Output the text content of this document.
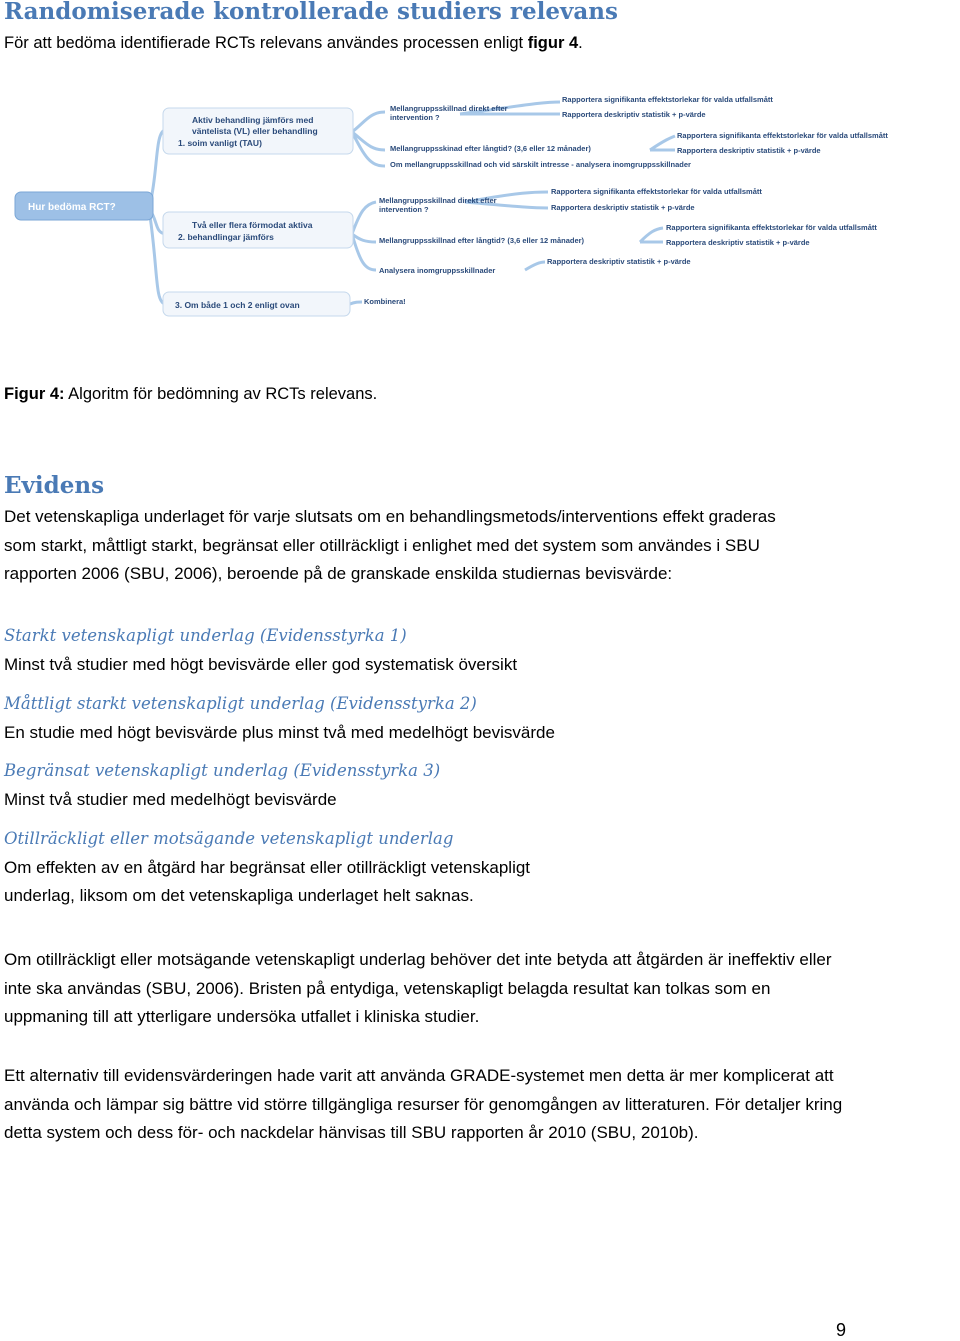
Randomiserade kontrollerade studiers relevans
För att bedöma identifierade RCTs relevans användes processen enligt figur 4.
Hur bedöma RCT?
Aktiv behandling jämförs med
väntelista (VL) eller behandling
1. soim vanligt (TAU)
Mellangruppsskillnad direkt efter
intervention ?
Rapportera signifikanta effektstorlekar för valda utfallsmått
Rapportera deskriptiv statistik + p-värde
Mellangruppsskinad efter långtid? (3,6 eller 12 månader)
Rapportera signifikanta effektstorlekar för valda utfallsmått
Rapportera deskriptiv statistik + p-värde
Om mellangruppsskillnad och vid särskilt intresse - analysera inomgruppsskillnader
Två eller flera förmodat aktiva
2. behandlingar jämförs
Mellangruppsskillnad direkt efter
intervention ?
Rapportera signifikanta effektstorlekar för valda utfallsmått
Rapportera deskriptiv statistik + p-värde
Mellangruppsskillnad efter långtid? (3,6 eller 12 månader)
Rapportera signifikanta effektstorlekar för valda utfallsmått
Rapportera deskriptiv statistik + p-värde
Analysera inomgruppsskillnader
Rapportera deskriptiv statistik + p-värde
3. Om både 1 och 2 enligt ovan	Kombinera!
Figur 4: Algoritm för bedömning av RCTs relevans.
Evidens

Det vetenskapliga underlaget för varje slutsats om en behandlingsmetods/interventions effekt graderas som starkt, måttligt starkt, begränsat eller otillräckligt i enlighet med det system som användes i SBU rapporten 2006 (SBU, 2006), beroende på de granskade enskilda studiernas bevisvärde:

Starkt vetenskapligt underlag (Evidensstyrka 1)
Minst två studier med högt bevisvärde eller god systematisk översikt
Måttligt starkt vetenskapligt underlag (Evidensstyrka 2)
En studie med högt bevisvärde plus minst två med medelhögt bevisvärde
Begränsat vetenskapligt underlag (Evidensstyrka 3)
Minst två studier med medelhögt bevisvärde
Otillräckligt eller motsägande vetenskapligt underlag
Om effekten av en åtgärd har begränsat eller otillräckligt vetenskapligt
underlag, liksom om det vetenskapliga underlaget helt saknas.

Om otillräckligt eller motsägande vetenskapligt underlag behöver det inte betyda att åtgärden är ineffektiv eller inte ska användas (SBU, 2006). Bristen på entydiga, vetenskapligt belagda resultat kan tolkas som en uppmaning till att ytterligare undersöka utfallet i kliniska studier.

Ett alternativ till evidensvärderingen hade varit att använda GRADE-systemet men detta är mer komplicerat att använda och lämpar sig bättre vid större tillgängliga resurser för genomgången av litteraturen. För detaljer kring detta system och dess för- och nackdelar hänvisas till SBU rapporten år 2010 (SBU, 2010b).

9
